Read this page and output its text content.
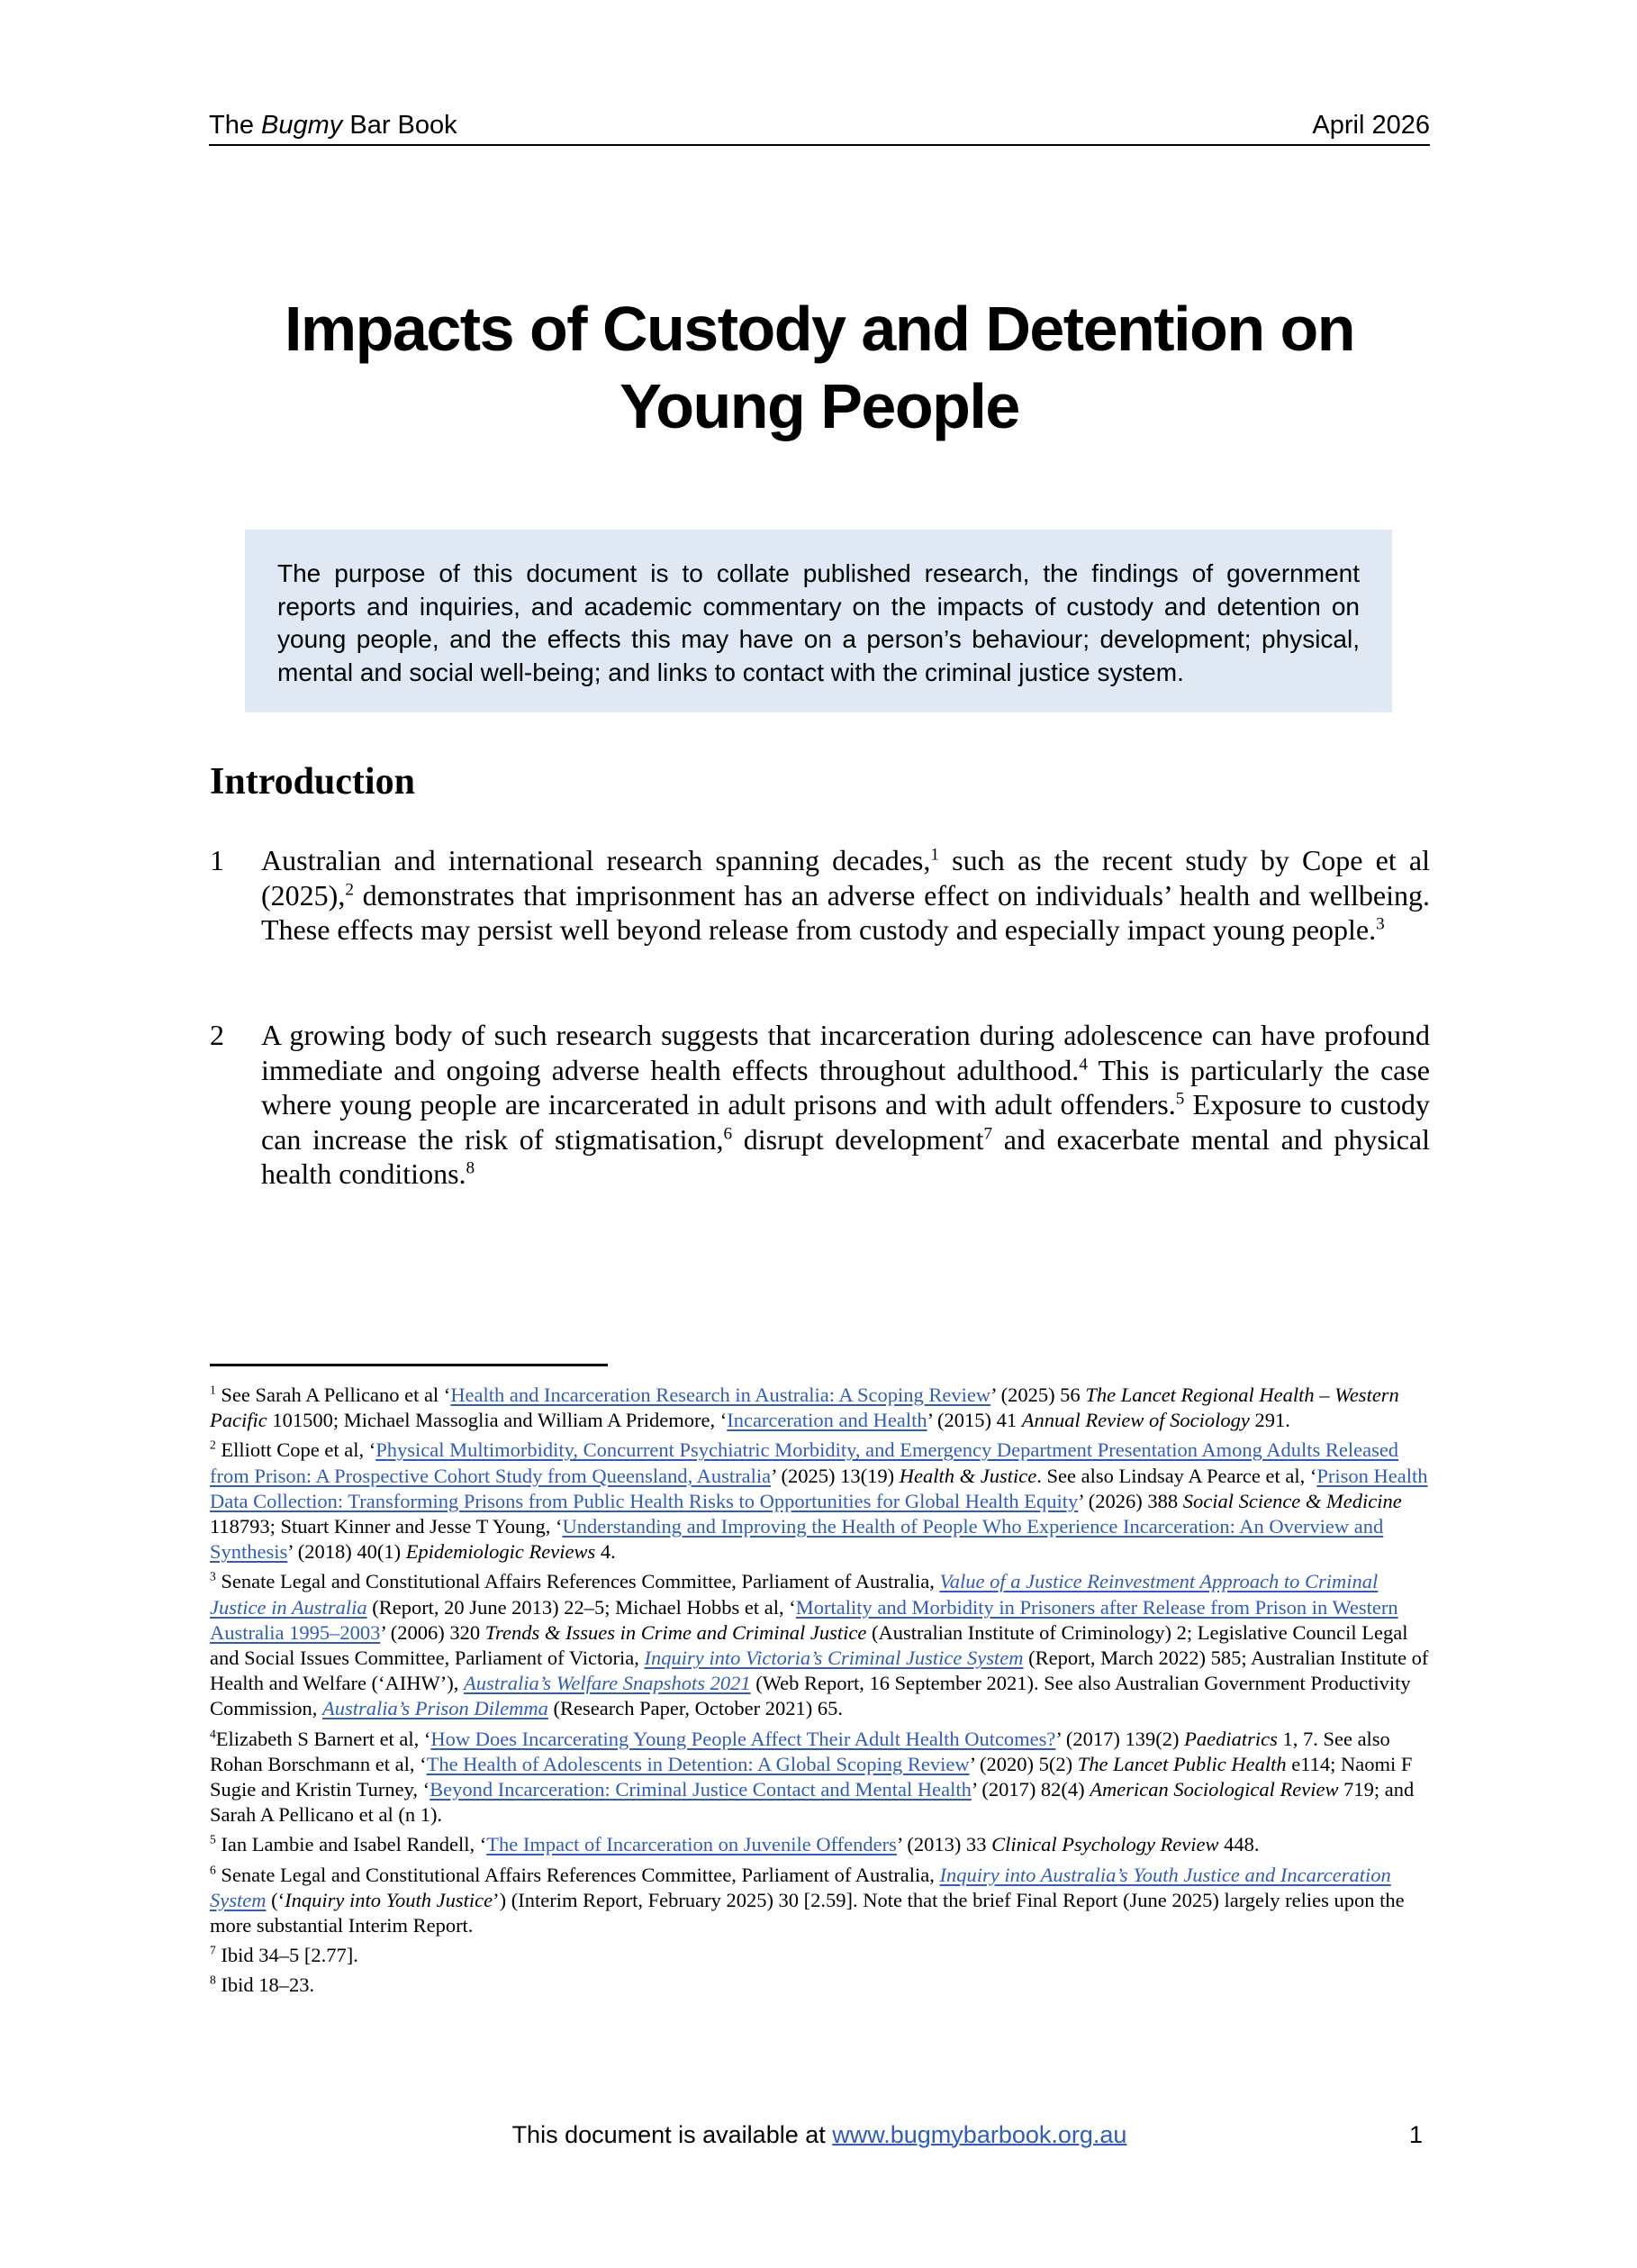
The Bugmy Bar Book	April 2026
Impacts of Custody and Detention on
Young People
The purpose of this document is to collate published research, the findings of government reports and inquiries, and academic commentary on the impacts of custody and detention on young people, and the effects this may have on a person’s behaviour; development; physical, mental and social well-being; and links to contact with the criminal justice system.
Introduction
1	Australian and international research spanning decades,$^1$ such as the recent study by Cope et al (2025),$^2$ demonstrates that imprisonment has an adverse effect on individuals’ health and wellbeing. These effects may persist well beyond release from custody and especially impact young people.$^3$
2	A growing body of such research suggests that incarceration during adolescence can have profound immediate and ongoing adverse health effects throughout adulthood.$^4$ This is particularly the case where young people are incarcerated in adult prisons and with adult offenders.$^5$ Exposure to custody can increase the risk of stigmatisation,$^6$ disrupt development$^7$ and exacerbate mental and physical health conditions.$^8$

$^1$ See Sarah A Pellicano et al ‘Health and Incarceration Research in Australia: A Scoping Review’ (2025) 56 The Lancet Regional Health – Western Pacific 101500; Michael Massoglia and William A Pridemore, ‘Incarceration and Health’ (2015) 41 Annual Review of Sociology 291.

$^2$ Elliott Cope et al, ‘Physical Multimorbidity, Concurrent Psychiatric Morbidity, and Emergency Department Presentation Among Adults Released from Prison: A Prospective Cohort Study from Queensland, Australia’ (2025) 13(19) Health & Justice. See also Lindsay A Pearce et al, ‘Prison Health Data Collection: Transforming Prisons from Public Health Risks to Opportunities for Global Health Equity’ (2026) 388 Social Science & Medicine 118793; Stuart Kinner and Jesse T Young, ‘Understanding and Improving the Health of People Who Experience Incarceration: An Overview and Synthesis’ (2018) 40(1) Epidemiologic Reviews 4.

$^3$ Senate Legal and Constitutional Affairs References Committee, Parliament of Australia, Value of a Justice Reinvestment Approach to Criminal Justice in Australia (Report, 20 June 2013) 22–5; Michael Hobbs et al, ‘Mortality and Morbidity in Prisoners after Release from Prison in Western Australia 1995–2003’ (2006) 320 Trends & Issues in Crime and Criminal Justice (Australian Institute of Criminology) 2; Legislative Council Legal and Social Issues Committee, Parliament of Victoria, Inquiry into Victoria’s Criminal Justice System (Report, March 2022) 585; Australian Institute of Health and Welfare (‘AIHW’), Australia’s Welfare Snapshots 2021 (Web Report, 16 September 2021). See also Australian Government Productivity Commission, Australia’s Prison Dilemma (Research Paper, October 2021) 65.

$^4$Elizabeth S Barnert et al, ‘How Does Incarcerating Young People Affect Their Adult Health Outcomes?’ (2017) 139(2) Paediatrics 1, 7. See also Rohan Borschmann et al, ‘The Health of Adolescents in Detention: A Global Scoping Review’ (2020) 5(2) The Lancet Public Health e114; Naomi F Sugie and Kristin Turney, ‘Beyond Incarceration: Criminal Justice Contact and Mental Health’ (2017) 82(4) American Sociological Review 719; and Sarah A Pellicano et al (n 1).

$^5$ Ian Lambie and Isabel Randell, ‘The Impact of Incarceration on Juvenile Offenders’ (2013) 33 Clinical Psychology Review 448.

$^6$ Senate Legal and Constitutional Affairs References Committee, Parliament of Australia, Inquiry into Australia’s Youth Justice and Incarceration System (‘Inquiry into Youth Justice’) (Interim Report, February 2025) 30 [2.59]. Note that the brief Final Report (June 2025) largely relies upon the more substantial Interim Report.

$^7$ Ibid 34–5 [2.77].

$^8$ Ibid 18–23.

This document is available at www.bugmybarbook.org.au	1
